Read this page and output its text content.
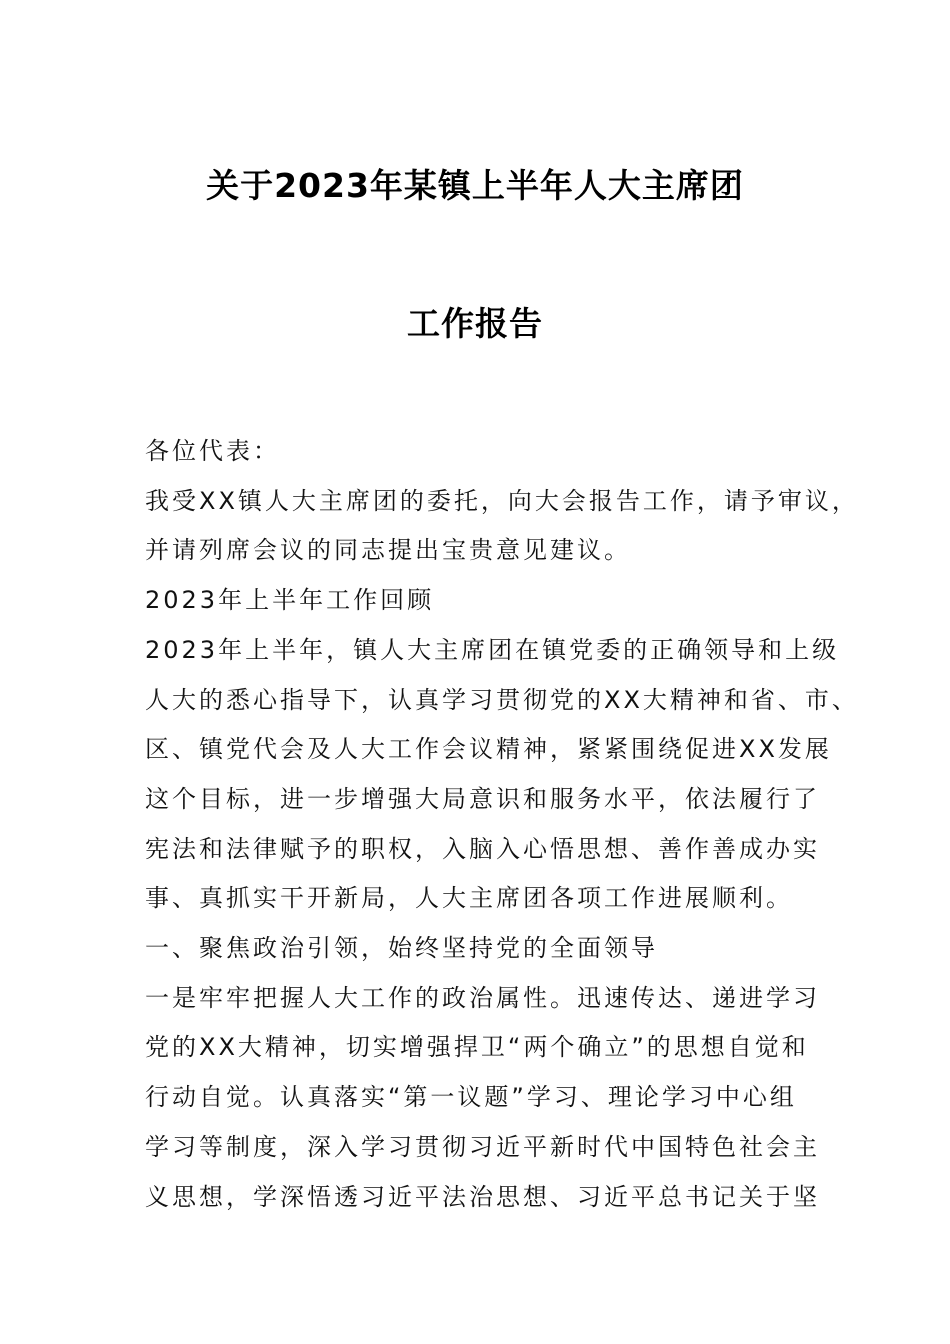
关于2023年某镇上半年人大主席团
工作报告
各位代表：
我受XX镇人大主席团的委托，向大会报告工作，请予审议，
并请列席会议的同志提出宝贵意见建议。
2023年上半年工作回顾
2023年上半年，镇人大主席团在镇党委的正确领导和上级
人大的悉心指导下，认真学习贯彻党的XX大精神和省、市、
区、镇党代会及人大工作会议精神，紧紧围绕促进XX发展
这个目标，进一步增强大局意识和服务水平，依法履行了
宪法和法律赋予的职权，入脑入心悟思想、善作善成办实
事、真抓实干开新局，人大主席团各项工作进展顺利。
一、聚焦政治引领，始终坚持党的全面领导
一是牢牢把握人大工作的政治属性。迅速传达、递进学习
党的XX大精神，切实增强捍卫“两个确立”的思想自觉和
行动自觉。认真落实“第一议题”学习、理论学习中心组
学习等制度，深入学习贯彻习近平新时代中国特色社会主
义思想，学深悟透习近平法治思想、习近平总书记关于坚
